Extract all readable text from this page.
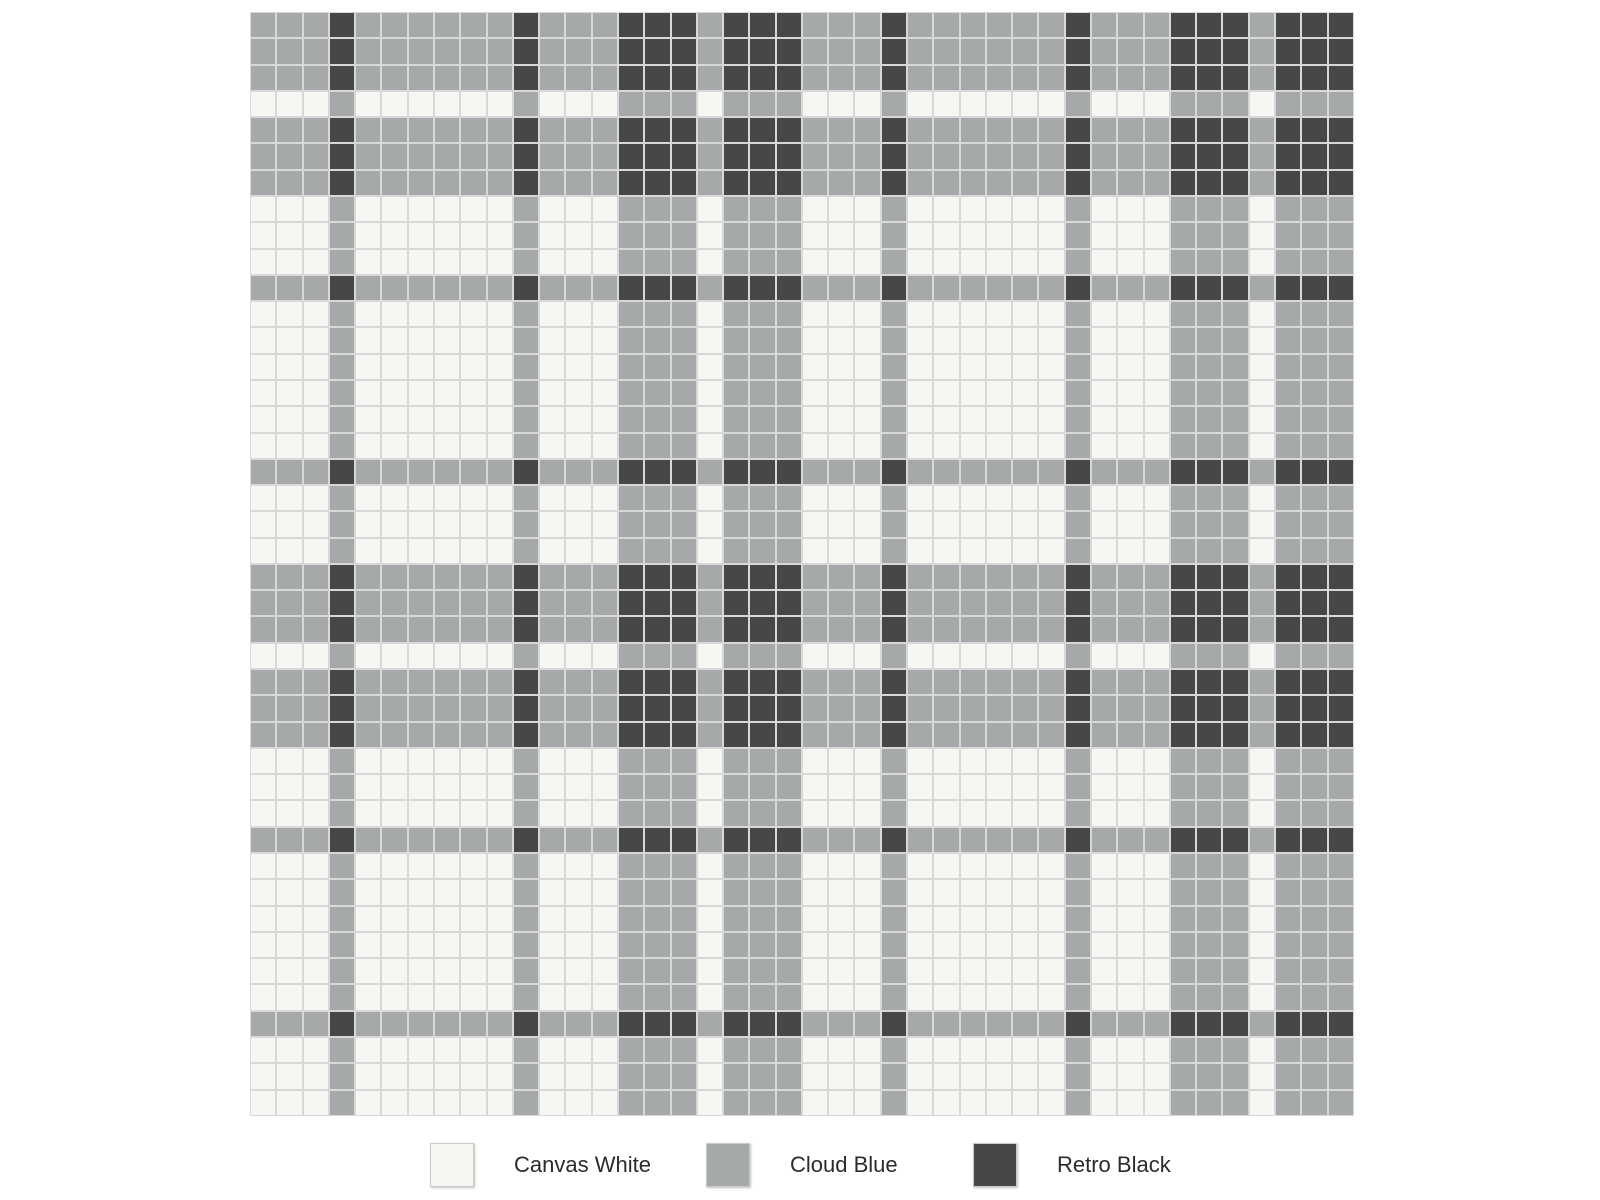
Canvas White	Cloud Blue	Retro Black
